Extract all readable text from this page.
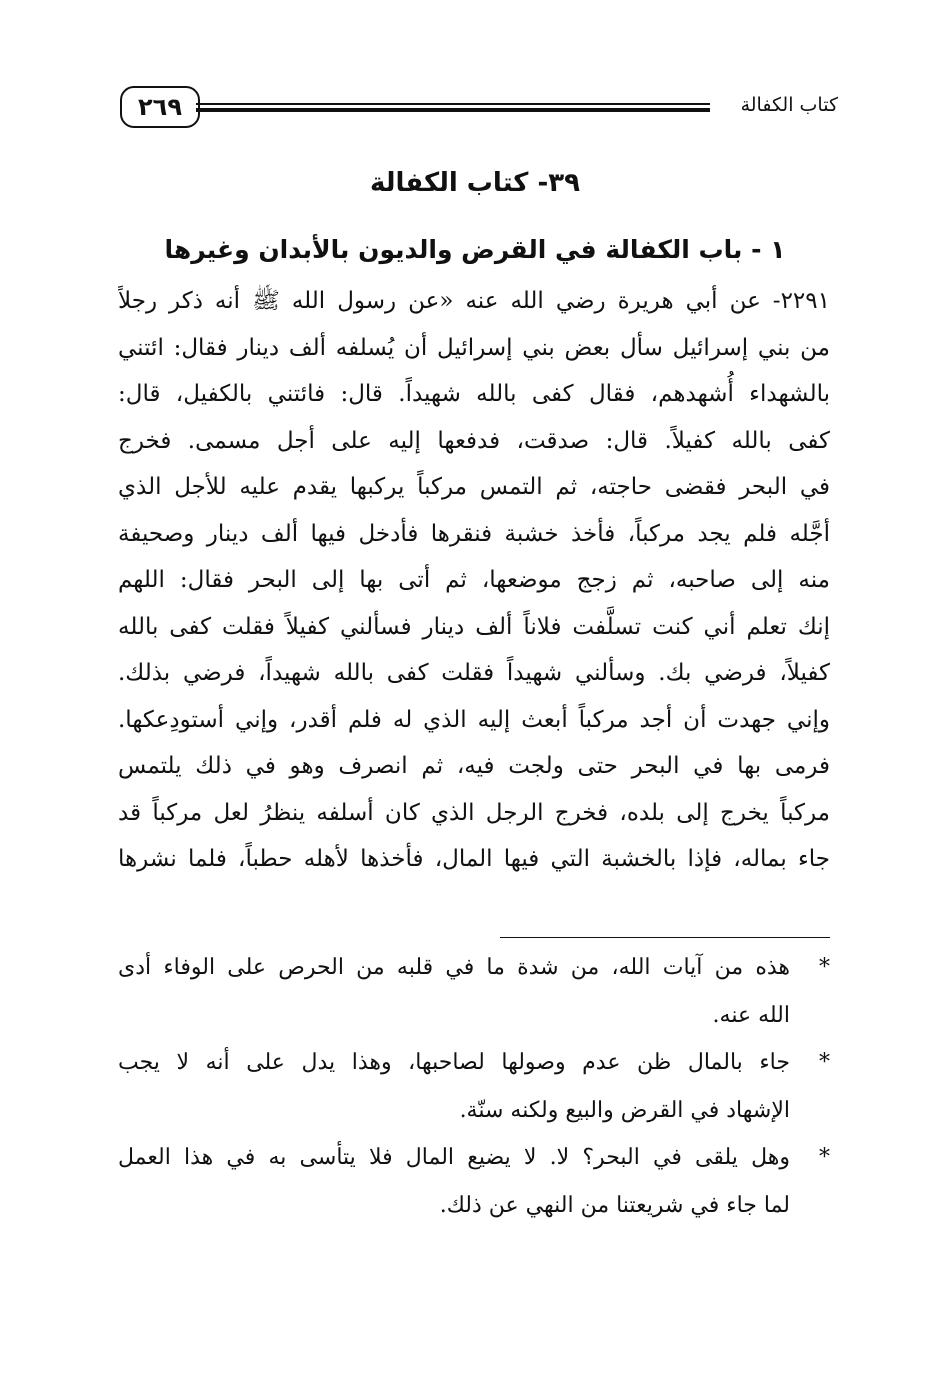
كتاب الكفالة
٢٦٩
٣٩- كتاب الكفالة
١ - باب الكفالة في القرض والديون بالأبدان وغيرها
٢٢٩١- عن أبي هريرة رضي الله عنه «عن رسول الله ﷺ أنه ذكر رجلاً
من بني إسرائيل سأل بعض بني إسرائيل أن يُسلفه ألف دينار فقال: ائتني
بالشهداء أُشهدهم، فقال كفى بالله شهيداً. قال: فائتني بالكفيل، قال:
كفى بالله كفيلاً. قال: صدقت، فدفعها إليه على أجل مسمى. فخرج
في البحر فقضى حاجته، ثم التمس مركباً يركبها يقدم عليه للأجل الذي
أجَّله فلم يجد مركباً، فأخذ خشبة فنقرها فأدخل فيها ألف دينار وصحيفة
منه إلى صاحبه، ثم زجج موضعها، ثم أتى بها إلى البحر فقال: اللهم
إنك تعلم أني كنت تسلَّفت فلاناً ألف دينار فسألني كفيلاً فقلت كفى بالله
كفيلاً، فرضي بك. وسألني شهيداً فقلت كفى بالله شهيداً، فرضي بذلك.
وإني جهدت أن أجد مركباً أبعث إليه الذي له فلم أقدر، وإني أستودِعكها.
فرمى بها في البحر حتى ولجت فيه، ثم انصرف وهو في ذلك يلتمس
مركباً يخرج إلى بلده، فخرج الرجل الذي كان أسلفه ينظرُ لعل مركباً قد
جاء بماله، فإذا بالخشبة التي فيها المال، فأخذها لأهله حطباً، فلما نشرها
*
هذه من آيات الله، من شدة ما في قلبه من الحرص على الوفاء أدى
الله عنه.
*
جاء بالمال ظن عدم وصولها لصاحبها، وهذا يدل على أنه لا يجب
الإشهاد في القرض والبيع ولكنه سنّة.
*
وهل يلقى في البحر؟ لا. لا يضيع المال فلا يتأسى به في هذا العمل
لما جاء في شريعتنا من النهي عن ذلك.
